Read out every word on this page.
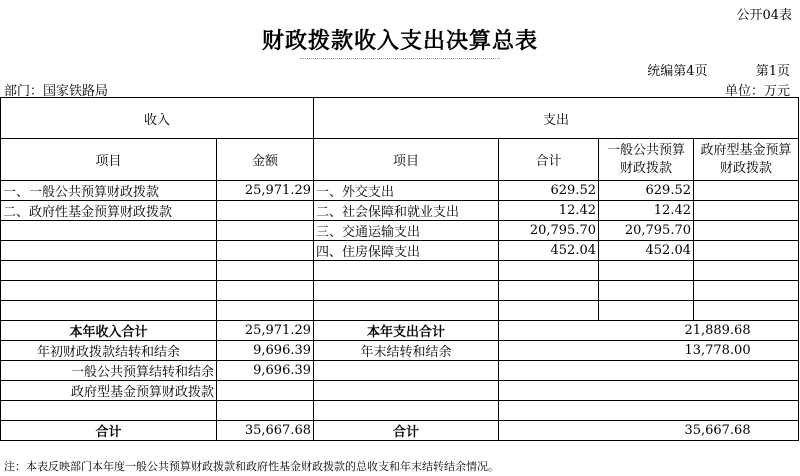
公开04表
财政拨款收入支出决算总表
统编第4页	第1页
部门：国家铁路局	单位：万元
收入		支出			
项目	金额	项目	合计	一般公共预算财政拨款	政府型基金预算财政拨款
一、一般公共预算财政拨款	25,971.29	一、外交支出	629.52	629.52	
二、政府性基金预算财政拨款		二、社会保障和就业支出	12.42	12.42	
		三、交通运输支出	20,795.70	20,795.70	
		四、住房保障支出	452.04	452.04	

本年收入合计	25,971.29	本年支出合计	21,889.68		
年初财政拨款结转和结余	9,696.39	年末结转和结余	13,778.00		
一般公共预算结转和结余	9,696.39				
政府型基金预算财政拨款					

合计	35,667.68	合计	35,667.68		
注：本表反映部门本年度一般公共预算财政拨款和政府性基金财政拨款的总收支和年末结转结余情况。
